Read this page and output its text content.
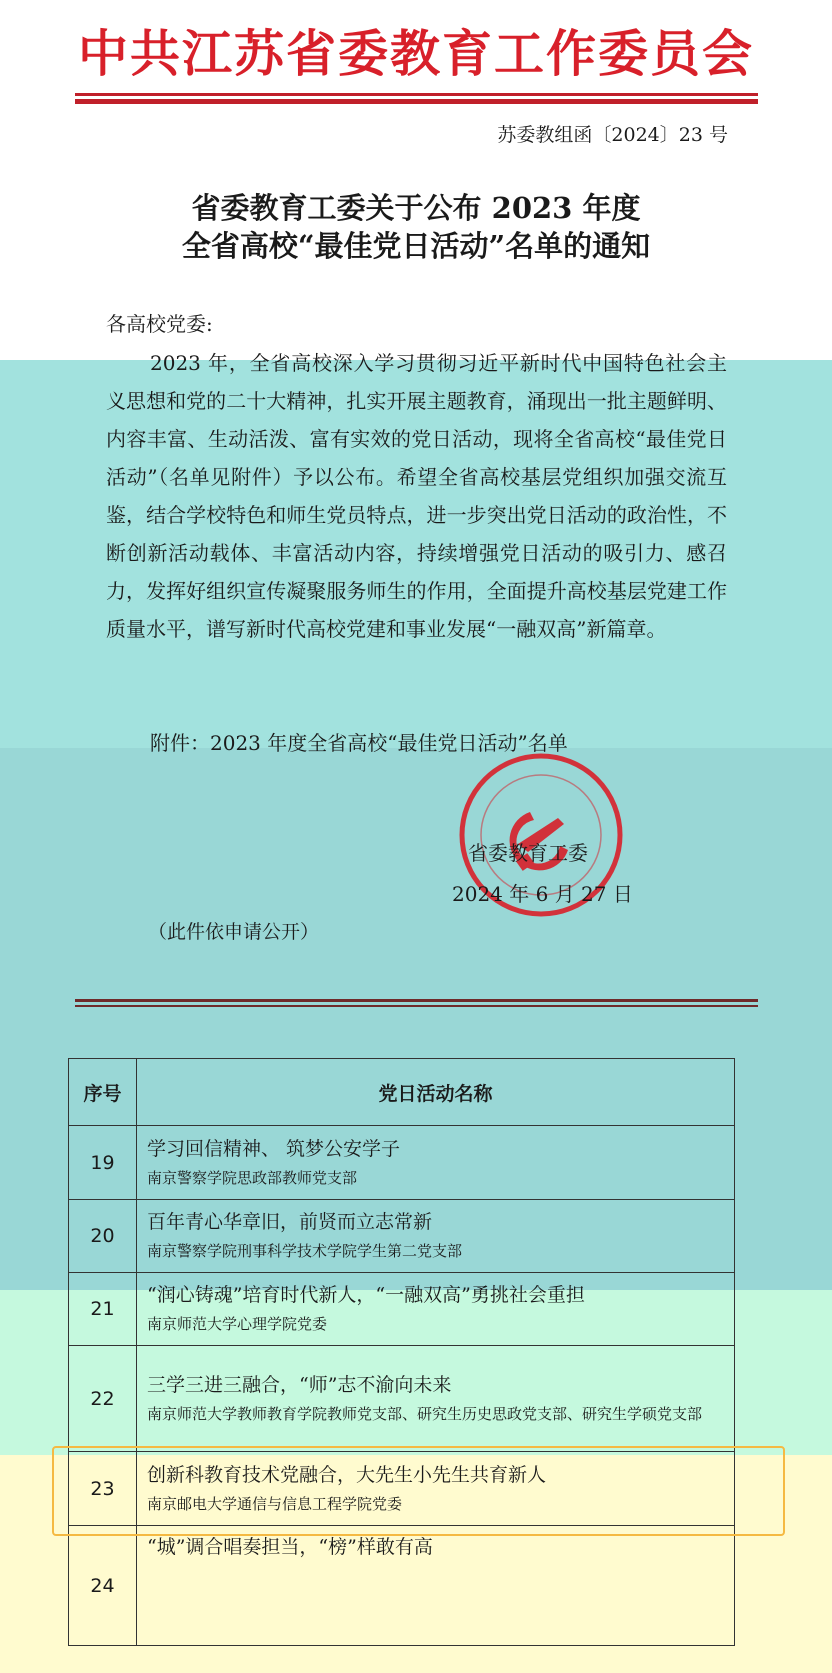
中共江苏省委教育工作委员会
苏委教组函〔2024〕23 号
省委教育工委关于公布 2023 年度
全省高校“最佳党日活动”名单的通知
各高校党委:
2023 年，全省高校深入学习贯彻习近平新时代中国特色社会主义思想和党的二十大精神，扎实开展主题教育，涌现出一批主题鲜明、内容丰富、生动活泼、富有实效的党日活动，现将全省高校“最佳党日活动”（名单见附件）予以公布。希望全省高校基层党组织加强交流互鉴，结合学校特色和师生党员特点，进一步突出党日活动的政治性，不断创新活动载体、丰富活动内容，持续增强党日活动的吸引力、感召力，发挥好组织宣传凝聚服务师生的作用，全面提升高校基层党建工作质量水平，谱写新时代高校党建和事业发展“一融双高”新篇章。
附件：2023 年度全省高校“最佳党日活动”名单
省委教育工委
2024 年 6 月 27 日
（此件依申请公开）
序号	党日活动名称
19	学习回信精神、 筑梦公安学子
南京警察学院思政部教师党支部

20	百年青心华章旧，前贤而立志常新
南京警察学院刑事科学技术学院学生第二党支部

21	“润心铸魂”培育时代新人，“一融双高”勇挑社会重担
南京师范大学心理学院党委

22	三学三进三融合，“师”志不渝向未来
南京师范大学教师教育学院教师党支部、研究生历史思政党支部、研究生学硕党支部

23	创新科教育技术党融合，大先生小先生共育新人
南京邮电大学通信与信息工程学院党委

24	“城”调合唱奏担当，“榜”样敢有高
